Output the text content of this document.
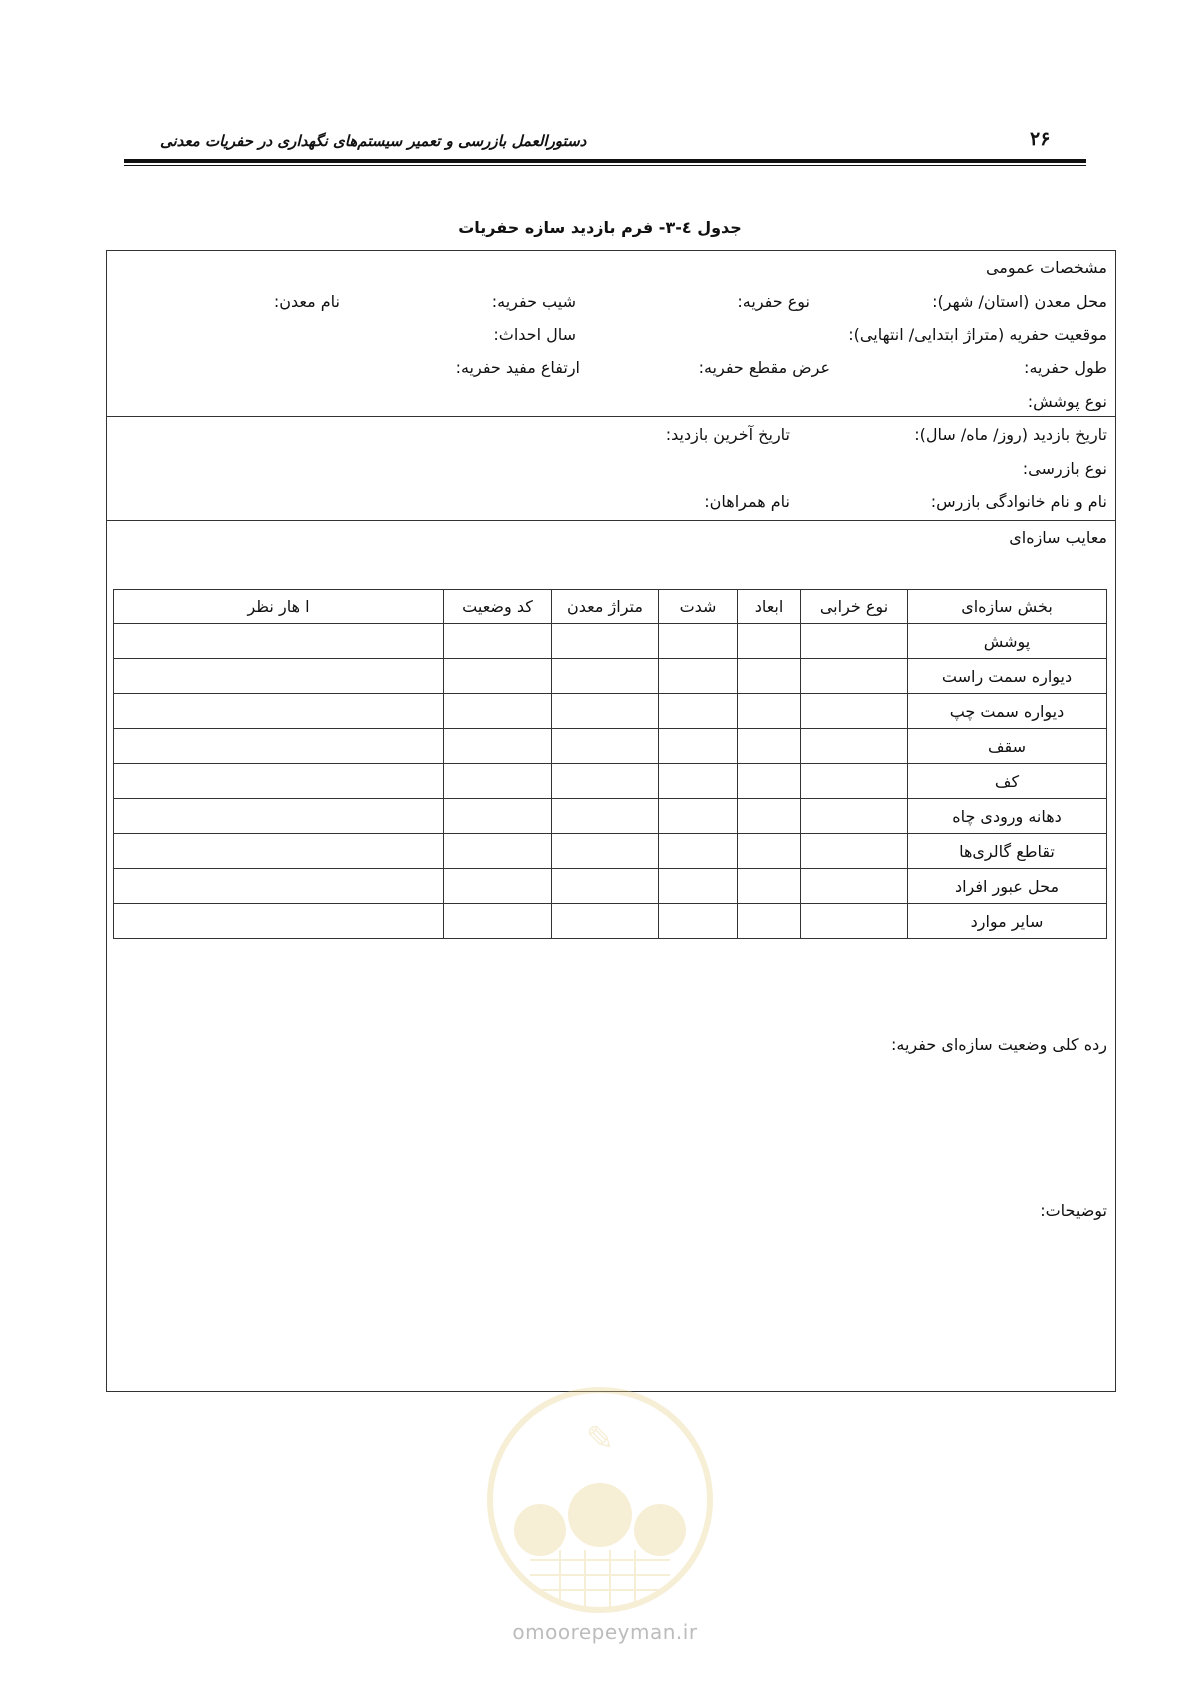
۲۶
دستورالعمل بازرسی و تعمیر سیستم‌های نگهداری در حفریات معدنی
جدول ٤-٣- فرم بازدید سازه حفریات
مشخصات عمومی
محل معدن (استان/ شهر):
نوع حفریه:
شیب حفریه:
نام معدن:
موقعیت حفریه (متراژ ابتدایی/ انتهایی):
سال احداث:
طول حفریه:
عرض مقطع حفریه:
ارتفاع مفید حفریه:
نوع پوشش:
تاریخ بازدید (روز/ ماه/ سال):
تاریخ آخرین بازدید:
نوع بازرسی:
نام و نام خانوادگی بازرس:
نام همراهان:
معایب سازه‌ای
بخش سازه‌ای	نوع خرابی	ابعاد	شدت	متراژ معدن	کد وضعیت	ا هار نظر
پوشش						
دیواره سمت راست						
دیواره سمت چپ						
سقف						
کف						
دهانه ورودی چاه						
تقاطع گالری‌ها						
محل عبور افراد						
سایر موارد						
رده کلی وضعیت سازه‌ای حفریه:
توضیحات:
✎
omoorepeyman.ir
